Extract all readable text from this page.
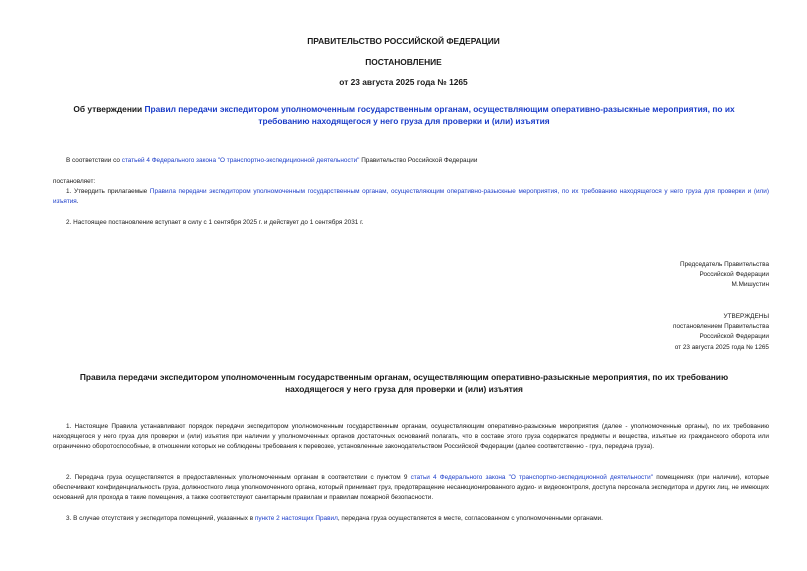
ПРАВИТЕЛЬСТВО РОССИЙСКОЙ ФЕДЕРАЦИИ
ПОСТАНОВЛЕНИЕ
от 23 августа 2025 года № 1265
Об утверждении Правил передачи экспедитором уполномоченным государственным органам, осуществляющим оперативно-разыскные мероприятия, по их требованию находящегося у него груза для проверки и (или) изъятия
В соответствии со статьей 4 Федерального закона "О транспортно-экспедиционной деятельности" Правительство Российской Федерации
постановляет:
1. Утвердить прилагаемые Правила передачи экспедитором уполномоченным государственным органам, осуществляющим оперативно-разыскные мероприятия, по их требованию находящегося у него груза для проверки и (или) изъятия.
2. Настоящее постановление вступает в силу с 1 сентября 2025 г. и действует до 1 сентября 2031 г.
Председатель Правительства
Российской Федерации
М.Мишустин
УТВЕРЖДЕНЫ
постановлением Правительства
Российской Федерации
от 23 августа 2025 года № 1265
Правила передачи экспедитором уполномоченным государственным органам, осуществляющим оперативно-разыскные мероприятия, по их требованию находящегося у него груза для проверки и (или) изъятия
1. Настоящие Правила устанавливают порядок передачи экспедитором уполномоченным государственным органам, осуществляющим оперативно-разыскные мероприятия (далее - уполномоченные органы), по их требованию находящегося у него груза для проверки и (или) изъятия при наличии у уполномоченных органов достаточных оснований полагать, что в составе этого груза содержатся предметы и вещества, изъятые из гражданского оборота или ограниченно оборотоспособные, в отношении которых не соблюдены требования к перевозке, установленные законодательством Российской Федерации (далее соответственно - груз, передача груза).
2. Передача груза осуществляется в предоставленных уполномоченным органам в соответствии с пунктом 9 статьи 4 Федерального закона "О транспортно-экспедиционной деятельности" помещениях (при наличии), которые обеспечивают конфиденциальность груза, должностного лица уполномоченного органа, который принимает груз, предотвращение несанкционированного аудио- и видеоконтроля, доступа персонала экспедитора и других лиц, не имеющих оснований для прохода в такие помещения, а также соответствуют санитарным правилам и правилам пожарной безопасности.
3. В случае отсутствия у экспедитора помещений, указанных в пункте 2 настоящих Правил, передача груза осуществляется в месте, согласованном с уполномоченными органами.
